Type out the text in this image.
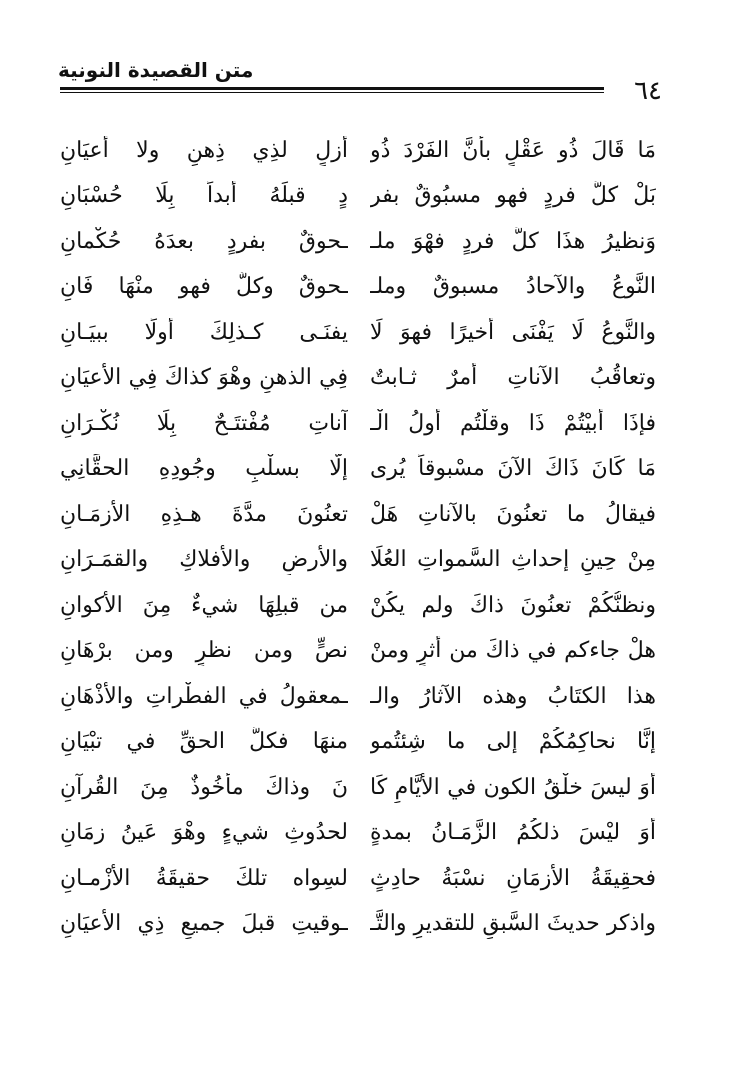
متن القصيدة النونية
٦٤
مَا قَالَ ذُو عَقْلٍ بأنَّ الفَرْدَ ذُو
أزلٍ لذِي ذِهنٍ ولا أعيَانِ
بَلْ كلُّ فردٍ فهو مسبُوقٌ بفر
دٍ قبلَهُ أبداً بِلَا حُسْبَانِ
وَنظيرُ هذَا كلُّ فردٍ فهْوَ ملـ
ـحوقٌ بفردٍ بعدَهُ حُكْمانِ
النَّوعُ والآحادُ مسبوقٌ وملـ
ـحوقٌ وكلٌّ فهو منْهَا فَانِ
والنَّوعُ لَا يَفْنَى أخيرًا فهوَ لَا
يفنَـى كـذلِكَ أولًا ببيَـانِ
وتعاقُبُ الآناتِ أمرٌ ثـابتٌ
فِي الذهنِ وهْوَ كذاكَ فِي الأعيَانِ
فإذَا أبيْتُمْ ذَا وقلْتُم أولُ الْـ
آناتِ مُفْتتَـحٌ بِلَا نُكْـرَانِ
مَا كَانَ ذَاكَ الآنَ مسْبوقاً يُرى
إلَّا بسلْبِ وجُودِهِ الحقَّانِي
فيقالُ ما تعنُونَ بالآناتِ هَلْ
تعنُونَ مدَّةَ هـذِهِ الأزمَـانِ
مِنْ حِينِ إحداثِ السَّمواتِ العُلَا
والأرضِ والأفلاكِ والقمَـرَانِ
ونظنُّكُمْ تعنُونَ ذاكَ ولم يكُنْ
من قبلِهَا شيءٌ مِنَ الأكوانِ
هلْ جاءكم في ذاكَ من أثرٍ ومنْ
نصٍّ ومن نظرٍ ومن برْهَانِ
هذا الكتَابُ وهذه الآثارُ والـ
ـمعقولُ في الفطْراتِ والأذْهَانِ
إنَّا نحاكِمُكُمْ إلى ما شِئتُمو
منهَا فكلُّ الحقِّ في تبْيَانِ
أوَ ليسَ خلْقُ الكون في الأيَّامِ كَا
نَ وذاكَ مأخُوذٌ مِنَ القُرآنِ
أوَ ليْسَ ذلكُمُ الزَّمَـانُ بمدةٍ
لحدُوثِ شيءٍ وهْوَ عَينُ زمَانِ
فحقِيقَةُ الأزمَانِ نسْبَةُ حادِثٍ
لسِواه تلكَ حقيقَةُ الأزْمـانِ
واذكر حديثَ السَّبقِ للتقديرِ والتَّـ
ـوقيتِ قبلَ جميعِ ذِي الأعيَانِ
